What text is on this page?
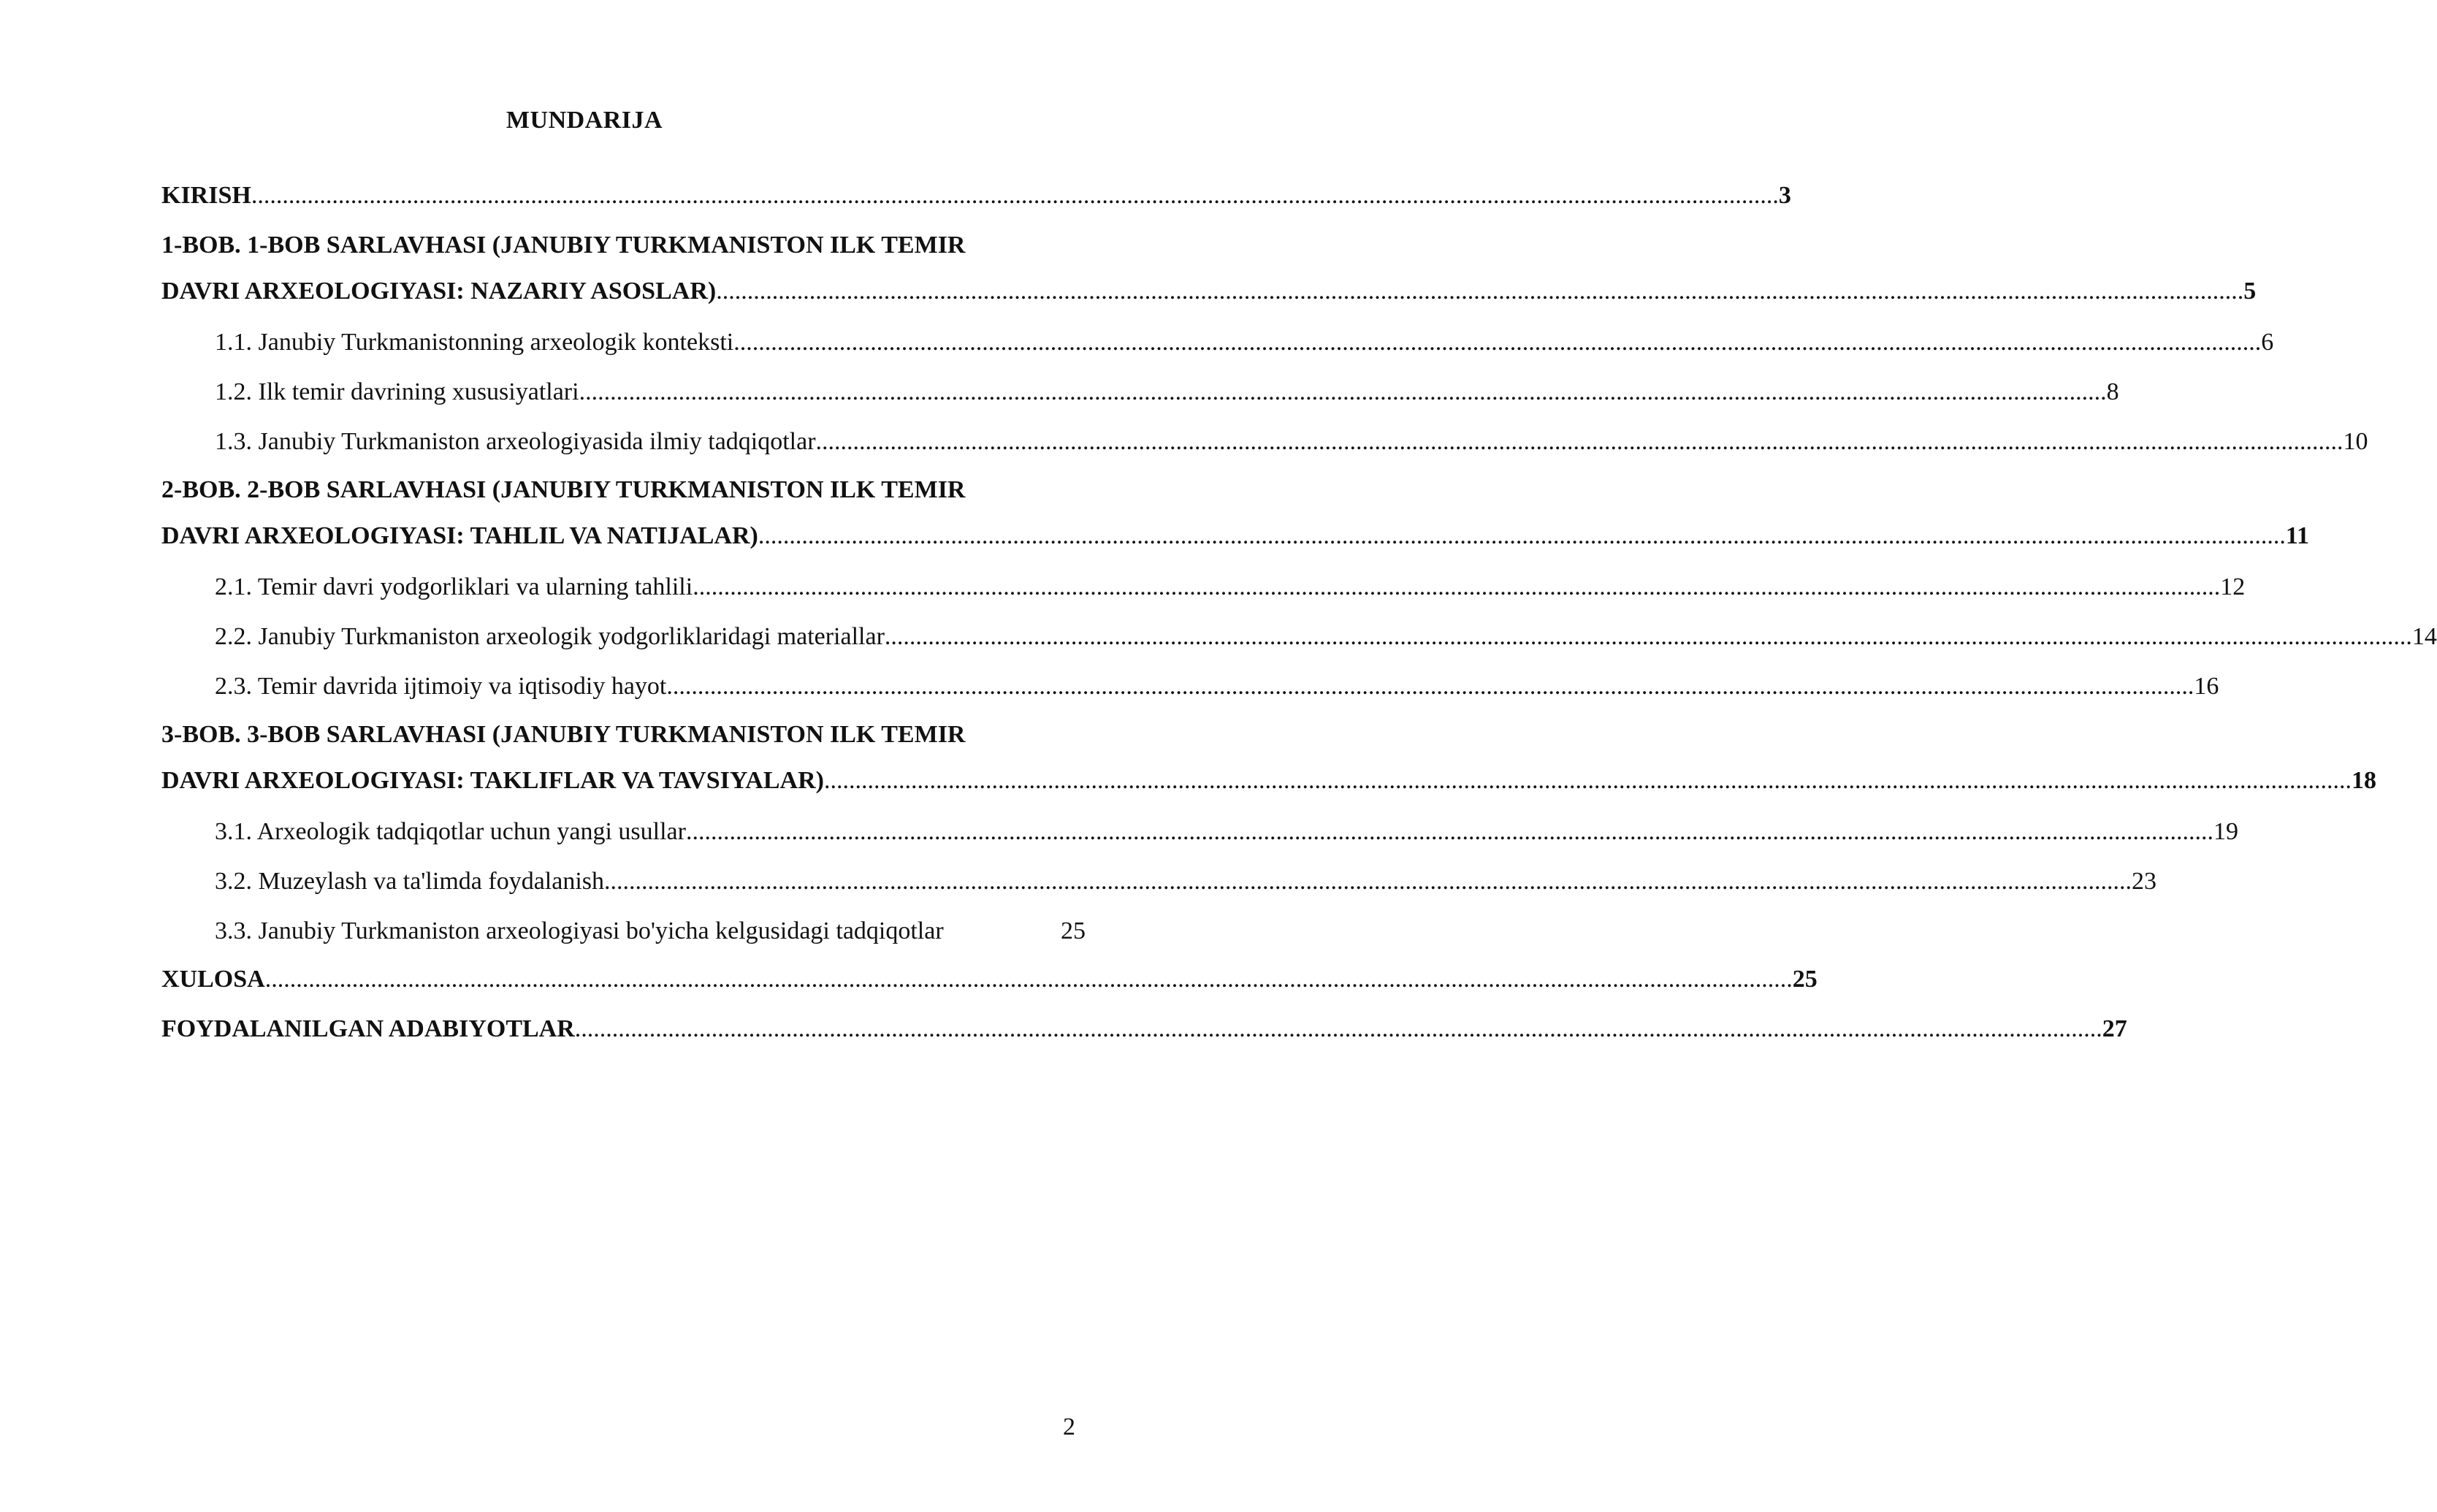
MUNDARIJA
KIRISH .....	3
1-BOB. 1-BOB SARLAVHASI (JANUBIY TURKMANISTON ILK TEMIR
DAVRI ARXEOLOGIYASI: NAZARIY ASOSLAR) .....	5
1.1. Janubiy Turkmanistonning arxeologik konteksti .....	6
1.2. Ilk temir davrining xususiyatlari .....	8
1.3. Janubiy Turkmaniston arxeologiyasida ilmiy tadqiqotlar .....	10
2-BOB. 2-BOB SARLAVHASI (JANUBIY TURKMANISTON ILK TEMIR
DAVRI ARXEOLOGIYASI: TAHLIL VA NATIJALAR) .....	11
2.1. Temir davri yodgorliklari va ularning tahlili .....	12
2.2. Janubiy Turkmaniston arxeologik yodgorliklaridagi materiallar .....	14
2.3. Temir davrida ijtimoiy va iqtisodiy hayot .....	16
3-BOB. 3-BOB SARLAVHASI (JANUBIY TURKMANISTON ILK TEMIR
DAVRI ARXEOLOGIYASI: TAKLIFLAR VA TAVSIYALAR) .....	18
3.1. Arxeologik tadqiqotlar uchun yangi usullar .....	19
3.2. Muzeylash va ta'limda foydalanish .....	23
3.3. Janubiy Turkmaniston arxeologiyasi bo'yicha kelgusidagi tadqiqotlar	25
XULOSA .....	25
FOYDALANILGAN ADABIYOTLAR .....	27
2
